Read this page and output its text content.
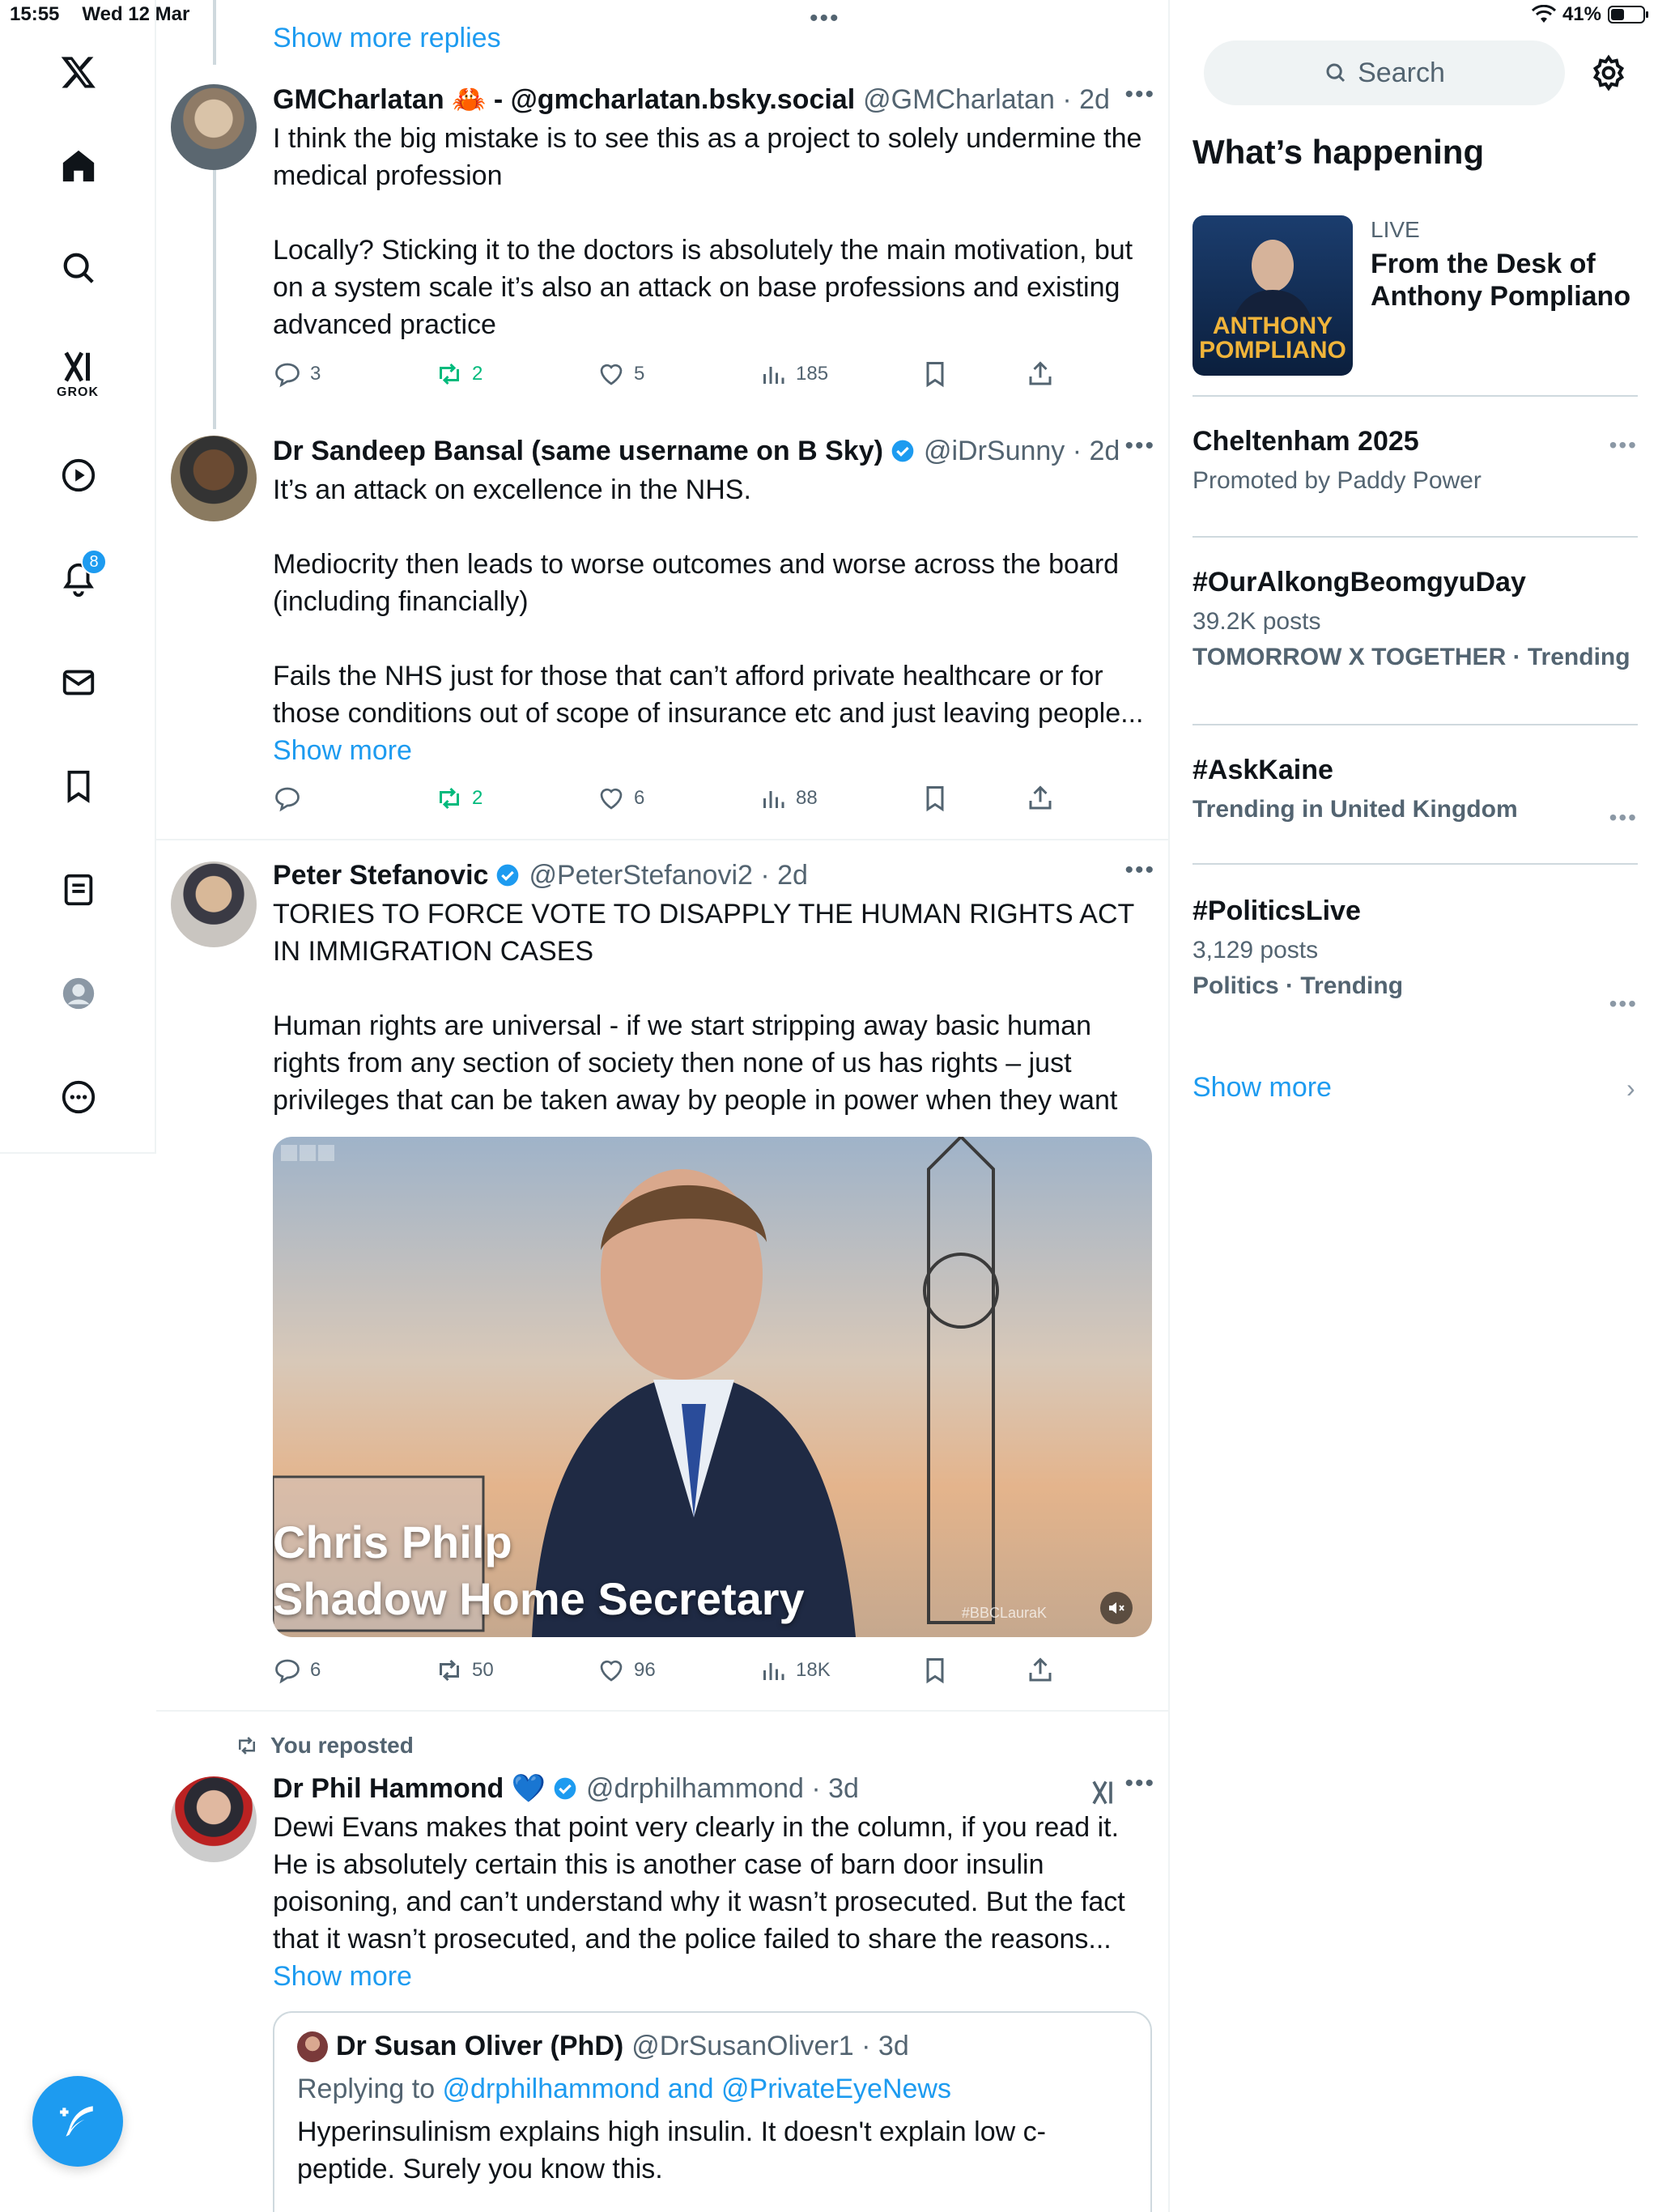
15:55 Wed 12 Mar	•••	41%
GROK
8
Show more replies
GMCharlatan 🦀 - @gmcharlatan.bsky.social @GMCharlatan · 2d •••
I think the big mistake is to see this as a project to solely undermine the medical profession

Locally? Sticking it to the doctors is absolutely the main motivation, but on a system scale it’s also an attack on base professions and existing advanced practice
3	2	5	185
Dr Sandeep Bansal (same username on B Sky) @iDrSunny · 2d •••
It’s an attack on excellence in the NHS.

Mediocrity then leads to worse outcomes and worse across the board (including financially)

Fails the NHS just for those that can’t afford private healthcare or for those conditions out of scope of insurance etc and just leaving people... Show more
2	6	88
Peter Stefanovic @PeterStefanovi2 · 2d	•••
TORIES TO FORCE VOTE TO DISAPPLY THE HUMAN RIGHTS ACT IN IMMIGRATION CASES

Human rights are universal - if we start stripping away basic human rights from any section of society then none of us has rights – just privileges that can be taken away by people in power when they want
Chris Philp
Shadow Home Secretary	#BBCLauraK
6	50	96	18K
You reposted
Dr Phil Hammond 💙 @drphilhammond · 3d	•••
Dewi Evans makes that point very clearly in the column, if you read it. He is absolutely certain this is another case of barn door insulin poisoning, and can’t understand why it wasn’t prosecuted. But the fact that it wasn’t prosecuted, and the police failed to share the reasons... Show more
Dr Susan Oliver (PhD) @DrSusanOliver1 · 3d
Replying to @drphilhammond and @PrivateEyeNews
Hyperinsulinism explains high insulin. It doesn't explain low c-peptide. Surely you know this.
Search
What’s happening
ANTHONY POMPLIANO
LIVE
From the Desk of Anthony Pompliano
Cheltenham 2025
Promoted by Paddy Power
•••
#OurAlkongBeomgyuDay
39.2K posts
TOMORROW X TOGETHER · Trending
#AskKaine
Trending in United Kingdom	•••
#PoliticsLive
3,129 posts
Politics · Trending
•••
Show more	›
